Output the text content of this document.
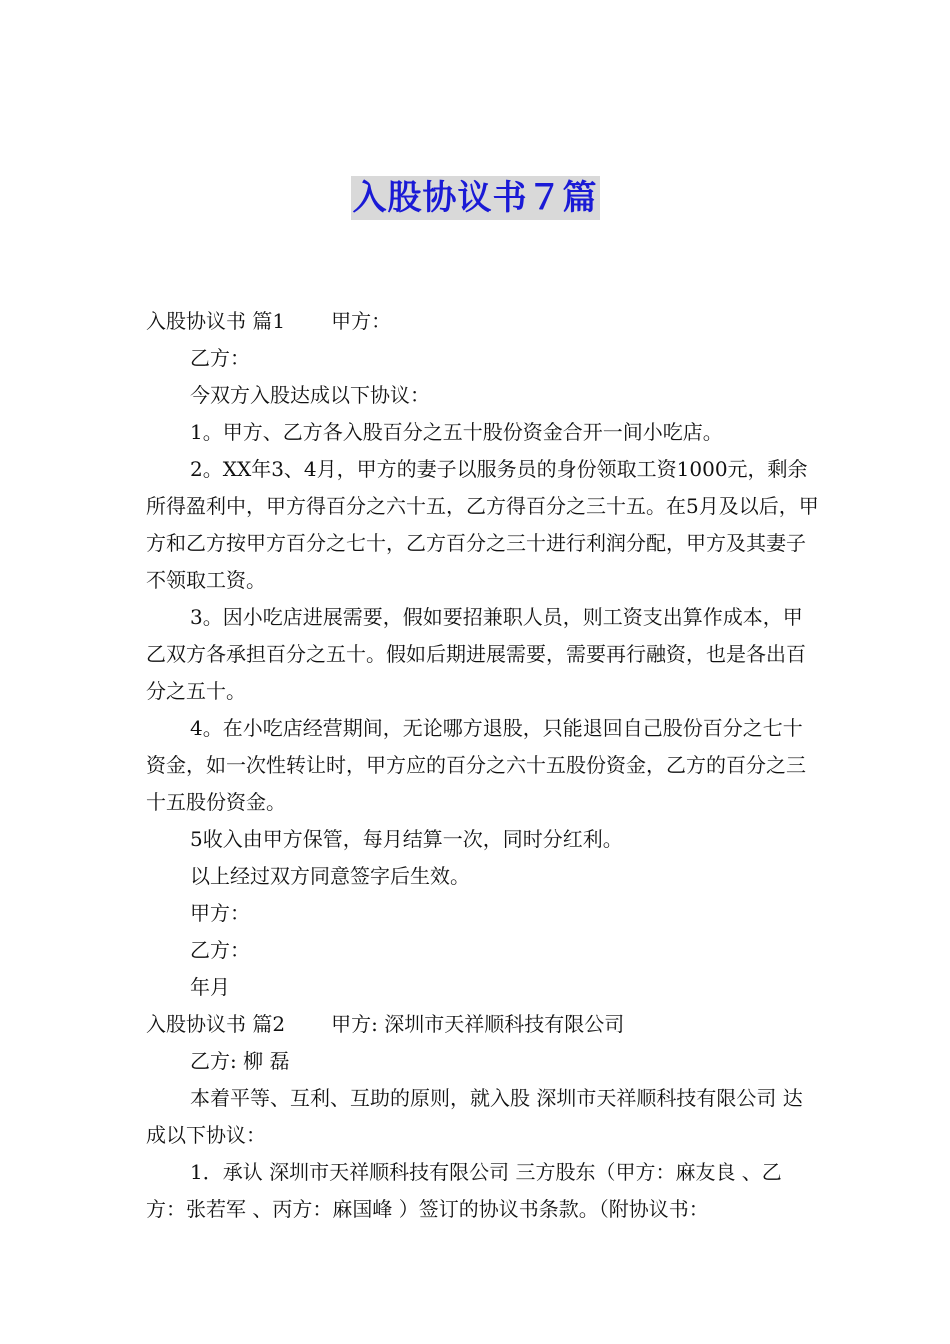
入股协议书７篇

入股协议书 篇1 甲方：

乙方：

今双方入股达成以下协议：

1。甲方、乙方各入股百分之五十股份资金合开一间小吃店。

2。XX年3、4月，甲方的妻子以服务员的身份领取工资1000元，剩余所得盈利中，甲方得百分之六十五，乙方得百分之三十五。在5月及以后，甲方和乙方按甲方百分之七十，乙方百分之三十进行利润分配，甲方及其妻子不领取工资。

3。因小吃店进展需要，假如要招兼职人员，则工资支出算作成本，甲乙双方各承担百分之五十。假如后期进展需要，需要再行融资，也是各出百分之五十。

4。在小吃店经营期间，无论哪方退股，只能退回自己股份百分之七十资金，如一次性转让时，甲方应的百分之六十五股份资金，乙方的百分之三十五股份资金。

5收入由甲方保管，每月结算一次，同时分红利。

以上经过双方同意签字后生效。

甲方：

乙方：

年月

入股协议书 篇2 甲方: 深圳市天祥顺科技有限公司

乙方: 柳 磊

本着平等、互利、互助的原则，就入股 深圳市天祥顺科技有限公司 达成以下协议：

1．承认 深圳市天祥顺科技有限公司 三方股东（甲方：麻友良 、乙方：张若军 、丙方：麻国峰 ）签订的协议书条款。（附协议书：
